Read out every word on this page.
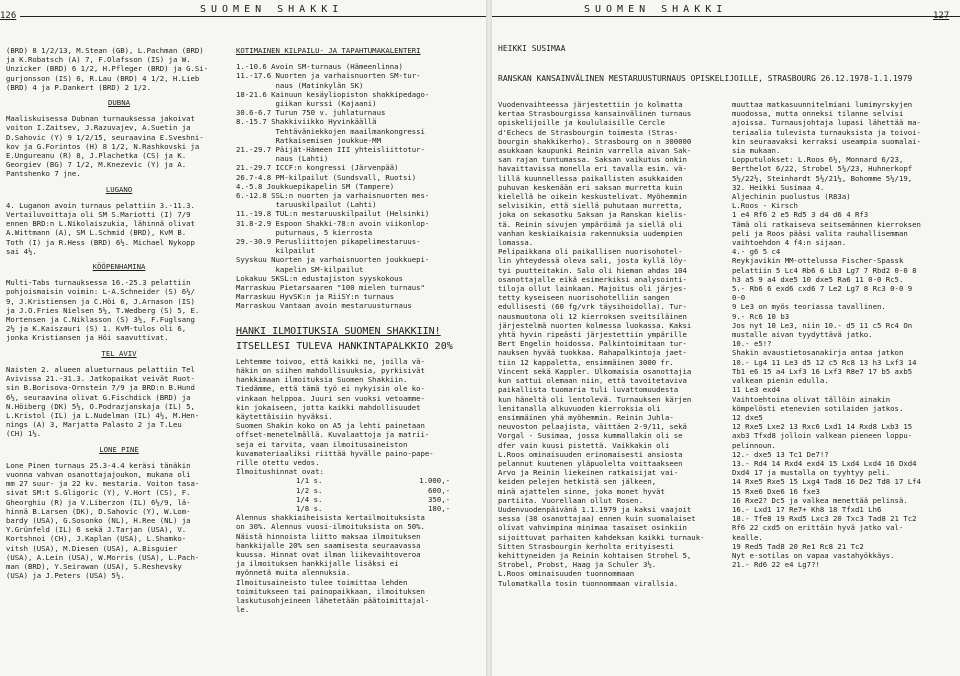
126
SUOMEN SHAKKI

(BRD) 8 1/2/13, M.Stean (GB), L.Pachman (BRD)

ja K.Robatsch (A) 7, F.Olafsson (IS) ja W.

Unzicker (BRD) 6 1/2, H.Pfleger (BRD) ja G.Si-

gurjonsson (IS) 6, R.Lau (BRD) 4 1/2, H.Lieb

(BRD) 4 ja P.Dankert (BRD) 2 1/2.

DUBNA

Maaliskuisessa Dubnan turnauksessa jakoivat

voiton I.Zaitsev, J.Razuvajev, A.Suetin ja

D.Sahovic (Y) 9 1/2/15, seuraavina E.Sveshni-

kov ja G.Forintos (H) 8 1/2, N.Rashkovski ja

E.Ungureanu (R) 8, J.Plachetka (CS) ja K.

Georgiev (BG) 7 1/2, M.Knezevic (Y) ja A.

Pantshenko 7 jne.

LUGANO

4. Luganon avoin turnaus pelattiin 3.-11.3.

Vertailuvoittaja oli SM S.Mariotti (I) 7/9

ennen BRD:n L.Nikolaiszukia, lähinnä olivat

A.Wittmann (A), SM L.Schmid (BRD), KvM B.

Toth (I) ja R.Hess (BRD) 6½. Michael Nykopp

sai 4½.

KÖÖPENHAMINA

Multi-Tabs turnauksessa 16.-25.3 pelattiin

pohjoismaisin voimin: L-A.Schneider (S) 6½/

9, J.Kristiensen ja C.Höi 6, J.Arnason (IS)

ja J.O.Fries Nielsen 5½, T.Wedberg (S) 5, E.

Mortensen ja C.Niklasson (S) 3½, F.Fuglsang

2½ ja K.Kaiszauri (S) 1. KvM-tulos oli 6,

jonka Kristiansen ja Höi saavuttivat.

TEL AVIV

Naisten 2. alueen alueturnaus pelattiin Tel

Avivissa 21.-31.3. Jatkopaikat veivät Ruot-

sin B.Borisova-Ornstein 7/9 ja BRD:n B.Hund

6½, seuraavina olivat G.Fischdick (BRD) ja

N.Höiberg (DK) 5½, O.Podrazjanskaja (IL) 5,

L.Kristol (IL) ja L.Nudelman (IL) 4½, M.Hen-

nings (A) 3, Marjatta Palasto 2 ja T.Leu

(CH) 1½.

LONE PINE

Lone Pinen turnaus 25.3-4.4 keräsi tänäkin

vuonna vahvan osanottajajoukon, mukana oli

mm 27 suur- ja 22 kv. mestaria. Voiton tasa-

sivat SM:t S.Gligoric (Y), V.Hort (CS), F.

Gheorghiu (R) ja V.Liberzon (IL) 6½/9, lä-

hinnä B.Larsen (DK), D.Sahovic (Y), W.Lom-

bardy (USA), G.Sosonko (NL), H.Ree (NL) ja

Y.Grünfeld (IL) 6 sekä J.Tarjan (USA), V.

Kortshnoi (CH), J.Kaplan (USA), L.Shamko-

vitsh (USA), M.Diesen (USA), A.Bisguier

(USA), A.Lein (USA), W.Morris (USA), L.Pach-

man (BRD), Y.Seirawan (USA), S.Reshevsky

(USA) ja J.Peters (USA) 5½.

KOTIMAINEN KILPAILU- JA TAPAHTUMAKALENTERI

1.-10.6 Avoin SM-turnaus (Hämeenlinna)

11.-17.6 Nuorten ja varhaisnuorten SM-tur-

naus (Matinkylän SK)

18-21.6 Kainuun kesäyliopiston shakkipedago-

giikan kurssi (Kajaani)

30.6-6.7 Turun 750 v. juhlaturnaus

8.-15.7 Shakkiviikko Hyvinkäällä

Tehtäväniekkojen maailmankongressi

Ratkaisemisen joukkue-MM

21.-29.7 Päijät-Hämeen III yhteisliittotur-

naus (Lahti)

21.-29.7 ICCF:n kongressi (Järvenpää)

26.7-4.8 PM-kilpailut (Sundsvall, Ruotsi)

4.-5.8 Joukkuepikapelin SM (Tampere)

6.-12.8 SSL:n nuorten ja varhaisnuorten mes-

taruuskilpailut (Lahti)

11.-19.8 TUL:n mestaruuskilpailut (Helsinki)

31.8-2.9 Espoon Shakki-78:n avoin viikonlop-

puturnaus, 5 kierrosta

29.-30.9 Perusliittojen pikapelimestaruus-

kilpailut

Syyskuu Nuorten ja varhaisnuorten joukkuepi-

kapelin SM-kilpailut

Lokakuu SKSL:n edustajiston syyskokous

Marraskuu Pietarsaaren "100 mielen turnaus"

Marraskuu HyvSK:n ja RiiSY:n turnaus

Marraskuu Vantaan avoin mestaruusturnaus

HANKI ILMOITUKSIA SUOMEN SHAKKIIN!
ITSELLESI TULEVA HANKINTAPALKKIO 20%

Lehtemme toivoo, että kaikki ne, joilla vä-

häkin on siihen mahdollisuuksia, pyrkisivät

hankkimaan ilmoituksia Suomen Shakkiin.

Tiedämme, että tämä työ ei nykyisin ole ko-

vinkaan helppoa. Juuri sen vuoksi vetoamme-

kin jokaiseen, jotta kaikki mahdollisuudet

käytettäisiin hyväksi.

Suomen Shakin koko on A5 ja lehti painetaan

offset-menetelmällä. Kuvalaattoja ja matrii-

seja ei tarvita, vaan ilmoitusaineiston

kuvamateriaaliksi riittää hyvälle paino-pape-

rille otettu vedos.

Ilmoitushinnat ovat:

1/1 s.	1.000,-
1/2 s.	600,-
1/4 s.	350,-
1/8 s.	180,-

Alennus shakkiaiheisista kertailmoituksista

on 30%. Alennus vuosi-ilmoituksista on 50%.

Näistä hinnoista liitto maksaa ilmoituksen

hankkijalle 20% sen saamisesta seuraavassa

kuussa. Hinnat ovat ilman liikevaihtoveroa

ja ilmoituksen hankkijalle lisäksi ei

myönnetä muita alennuksia.

Ilmoitusaineisto tulee toimittaa lehden

toimitukseen tai painopaikkaan, ilmoituksen

laskutusohjeineen lähetetään päätoimittajal-

le.

SUOMEN SHAKKI
127
HEIKKI SUSIMAA
RANSKAN KANSAINVÄLINEN MESTARUUSTURNAUS OPISKELIJOILLE, STRASBOURG 26.12.1978-1.1.1979

Vuodenvaihteessa järjestettiin jo kolmatta

kertaa Strasbourgissa kansainvälinen turnaus

opiskelijoille ja koululaisille Cercle

d'Echecs de Strasbourgin toimesta (Stras-

bourgin shakkikerho). Strasbourg on n 300000

asukkaan kaupunki Reinin varrella aivan Sak-

san rajan tuntumassa. Saksan vaikutus onkin

havaittavissa monella eri tavalla esim. vä-

lillä kuunnellessa paikallisten asukkaiden

puhuvan keskenään eri saksan murretta kuin

kielellä he oikein keskustelivat. Myöhemmin

selvisikin, että siellä puhutaan murretta,

joka on sekasotku Saksan ja Ranskan kielis-

tä. Reinin sivujen ympäröimä ja siellä oli

vanhan keskiaikaisia rakennuksia uudempien

lomassa.

Pelipaikkana oli paikallisen nuorisohotel-

lin yhteydessä oleva sali, josta kyllä löy-

tyi puutteitakin. Salo oli hieman ahdas 104

osanottajalle eikä esimerkiksi analysointi-

tiloja ollut lainkaan. Majoitus oli järjes-

tetty kyseiseen nuorisohotelliin sangen

edullisesti (60 fg/vrk täysihoidolla). Tur-

nausmuotona oli 12 kierroksen sveitsiläinen

järjestelmä nuorten kolmessa luokassa. Kaksi

yhtä hyvin ripeästi järjestettiin ympärille

Bert Engelin hoidossa. Palkintoimitaan tur-

nauksen hyvää tuokkaa. Rahapalkintoja jaet-

tiin 12 kappaletta, ensimmäinen 3000 fr.

Vincent sekä Kappler. Ulkomaisia osanottajia

kun sattui olemaan niin, että tavoitetaviva

paikallista tuomaria tuli luvattomuudesta

kun häneltä oli lentolevä. Turnauksen kärjen

lenitanalla alkuvuoden kierroksia oli

ensimmäinen yhä myöhemmin. Reinin Juhla-

neuvoston pelaajista, väittäen 2-9/11, sekä

Vorgal - Susimaa, jossa kummallakin oli se

dfer vain kuusi pistettä. Vaikkakin oli

L.Roos ominaisuuden erinomaisesti ansiosta

pelannut kuutenen yläpuolelta voittaakseen

Arvo ja Reinin liekeinen ratkaisijat vai-

keiden pelejen hetkistä sen jälkeen,

minä ajattelen sinne, joka monet hyvät

partiita. Vuorellaan ollut Rosen.

Uudenvuodenpäivänä 1.1.1979 ja kaksi vaajoit

sessa (38 osanottajaa) ennen kuin suomalaiset

olivat vahvimpina minimaa tasaiset osinkiin

sijoittuvat parhaiten kahdeksan kaikki turnauk-

Sitten Strasbourgin kerholta erityisesti

kehittyneiden ja Reinin kohtaisen Strohel 5,

Strobel, Probst, Haag ja Schuler 3½.

L.Roos ominaisuuden tuonnommaan

Tulomatkalla tosin tuonnommaan virallsia.

muuttaa matkasuunnitelmiani lumimyrskyjen

muodossa, mutta onneksi tilanne selvisi

ajoissa. Turnausjohtaja lupasi lähettää ma-

teriaalia tulevista turnauksista ja toivoi-

kin seuraavaksi kerraksi useampia suomalai-

sia mukaan.

Lopputulokset: L.Roos 6½, Monnard 6/23,

Berthelot 6/22, Strobel 5½/23, Huhnerkopf

5½/22½, Steinhardt 5½/21½, Bohomme 5½/19,

32. Heikki Susimaa 4.

Aljechinin puolustus (R83a)

L.Roos - Kirsch

1 e4 Rf6 2 e5 Rd5 3 d4 d6 4 Rf3

Tämä oli ratkaiseva seitsemännen kierroksen

peli ja Roos pääsi valita rauhallisemman

vaihtoehdon 4 f4:n sijaan.

4.- g6 5 c4

Reykjavikin MM-ottelussa Fischer-Spassk

pelattiin 5 Lc4 Rb6 6 Lb3 Lg7 7 Rbd2 0-0 8

h3 a5 9 a4 dxe5 10 dxe5 Ra6 11 0-0 Rc5.

5.- Rb6 6 exd6 cxd6 7 Le2 Lg7 8 Rc3 0-0 9

0-0

9 Le3 on myös teoriassa tavallinen.

9.- Rc6 10 b3

Jos nyt 10 Le3, niin 10.- d5 11 c5 Rc4 On

mustalle aivan tyydyttävä jatko.

10.- e5!?

Shakin avaustietosanakirja antaa jatkon

10.- Lg4 11 Le3 d5 12 c5 Rc8 13 h3 Lxf3 14

Tb1 e6 15 a4 Lxf3 16 Lxf3 R8e7 17 b5 axb5

valkean pienin edulla.

11 Le3 exd4

Vaihtoehtoina olivat tällöin ainakin

kömpelösti etenevien sotilaiden jatkos.

12 dxe5

12 Rxe5 Lxe2 13 Rxc6 Lxd1 14 Rxd8 Lxb3 15

axb3 Tfxd8 jolloin valkean pieneen loppu-

pelinnoun.

12.- dxe5 13 Tc1 De7!?

13.- Rd4 14 Rxd4 exd4 15 Lxd4 Lxd4 16 Dxd4

Dxd4 17 ja mustalla on tyyhtyy peli.

14 Rxe5 Rxe5 15 Lxg4 Tad8 16 De2 Td8 17 Lf4

15 Rxe6 Dxe6 16 fxe3

16 Rxe2? Dc5 ja valkea menettää pelinsä.

16.- Lxd1 17 Re7+ Kh8 18 Tfxd1 Lh6

18.- Tfe8 19 Rxd5 Lxc3 20 Txc3 Tad8 21 Tc2

Rf6 22 cxd5 on erittäin hyvä jatko val-

kealle.

19 Red5 Tad8 20 Re1 Rc8 21 Tc2

Nyt e-sotilas on vapaa vastahyökkäys.

21.- Rd6 22 e4 Lg7?!
